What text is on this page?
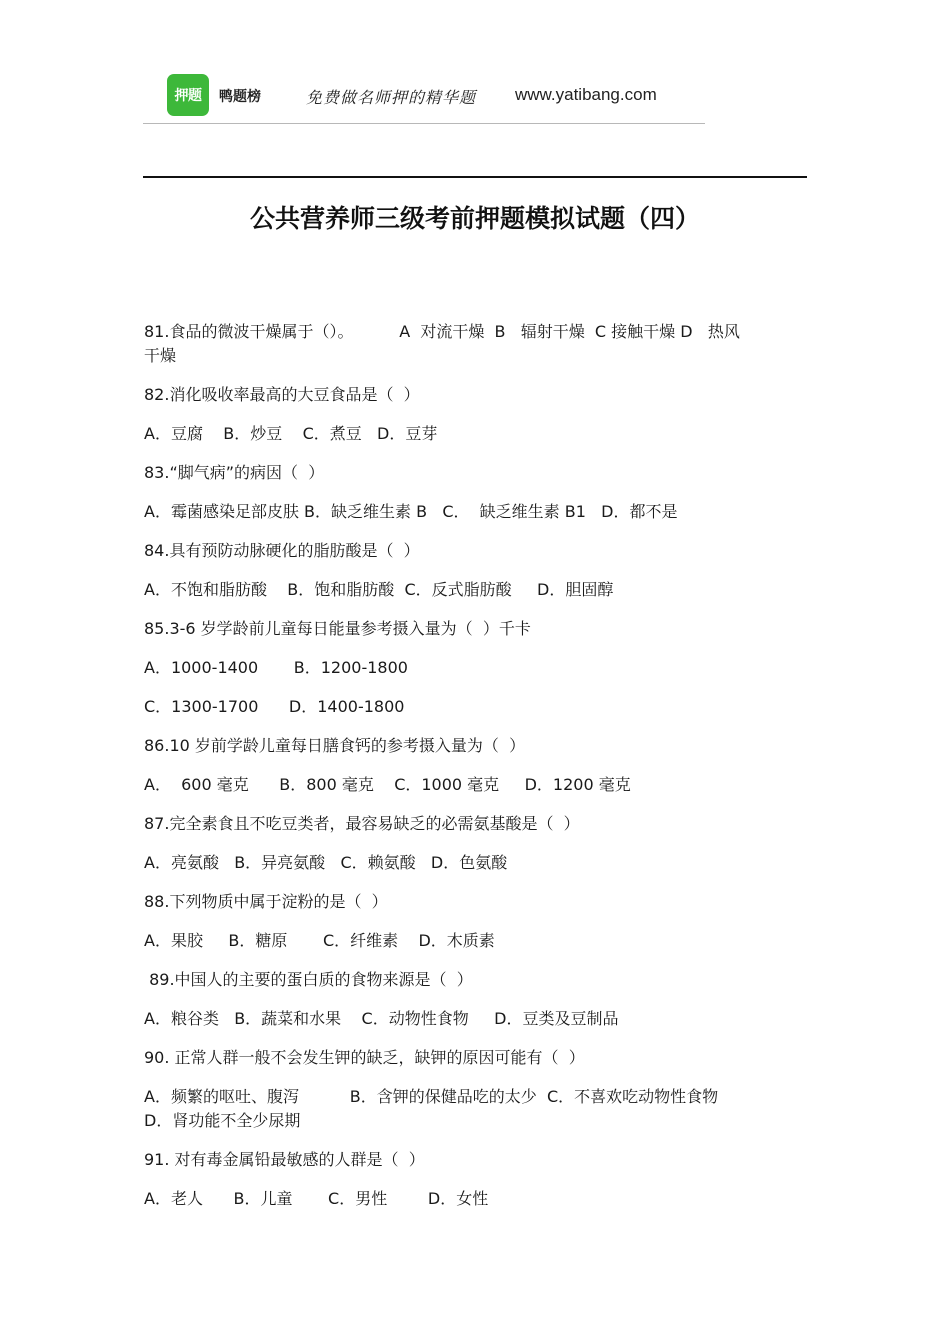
押题	鸭题榜	免费做名师押的精华题 www.yatibang.com
公共营养师三级考前押题模拟试题（四）
81.食品的微波干燥属于（）。         A  对流干燥  B   辐射干燥  C 接触干燥 D   热风
干燥
82.消化吸收率最高的大豆食品是（  ）
A．豆腐    B．炒豆    C．煮豆   D．豆芽
83.“脚气病”的病因（  ）
A．霉菌感染足部皮肤 B．缺乏维生素 B   C．  缺乏维生素 B1   D．都不是
84.具有预防动脉硬化的脂肪酸是（  ）
A．不饱和脂肪酸    B．饱和脂肪酸  C．反式脂肪酸     D．胆固醇
85.3-6 岁学龄前儿童每日能量参考摄入量为（  ）千卡
A．1000-1400       B．1200-1800
C．1300-1700      D．1400-1800
86.10 岁前学龄儿童每日膳食钙的参考摄入量为（  ）
A．  600 毫克      B．800 毫克    C．1000 毫克     D．1200 毫克
87.完全素食且不吃豆类者，最容易缺乏的必需氨基酸是（  ）
A．亮氨酸   B．异亮氨酸   C．赖氨酸   D．色氨酸
88.下列物质中属于淀粉的是（  ）
A．果胶     B．糖原       C．纤维素    D．木质素
89.中国人的主要的蛋白质的食物来源是（  ）
A．粮谷类   B．蔬菜和水果    C．动物性食物     D．豆类及豆制品
90. 正常人群一般不会发生钾的缺乏，缺钾的原因可能有（  ）
A．频繁的呕吐、腹泻          B．含钾的保健品吃的太少  C．不喜欢吃动物性食物
D．肾功能不全少尿期
91. 对有毒金属铅最敏感的人群是（  ）
A．老人      B．儿童       C．男性        D．女性
